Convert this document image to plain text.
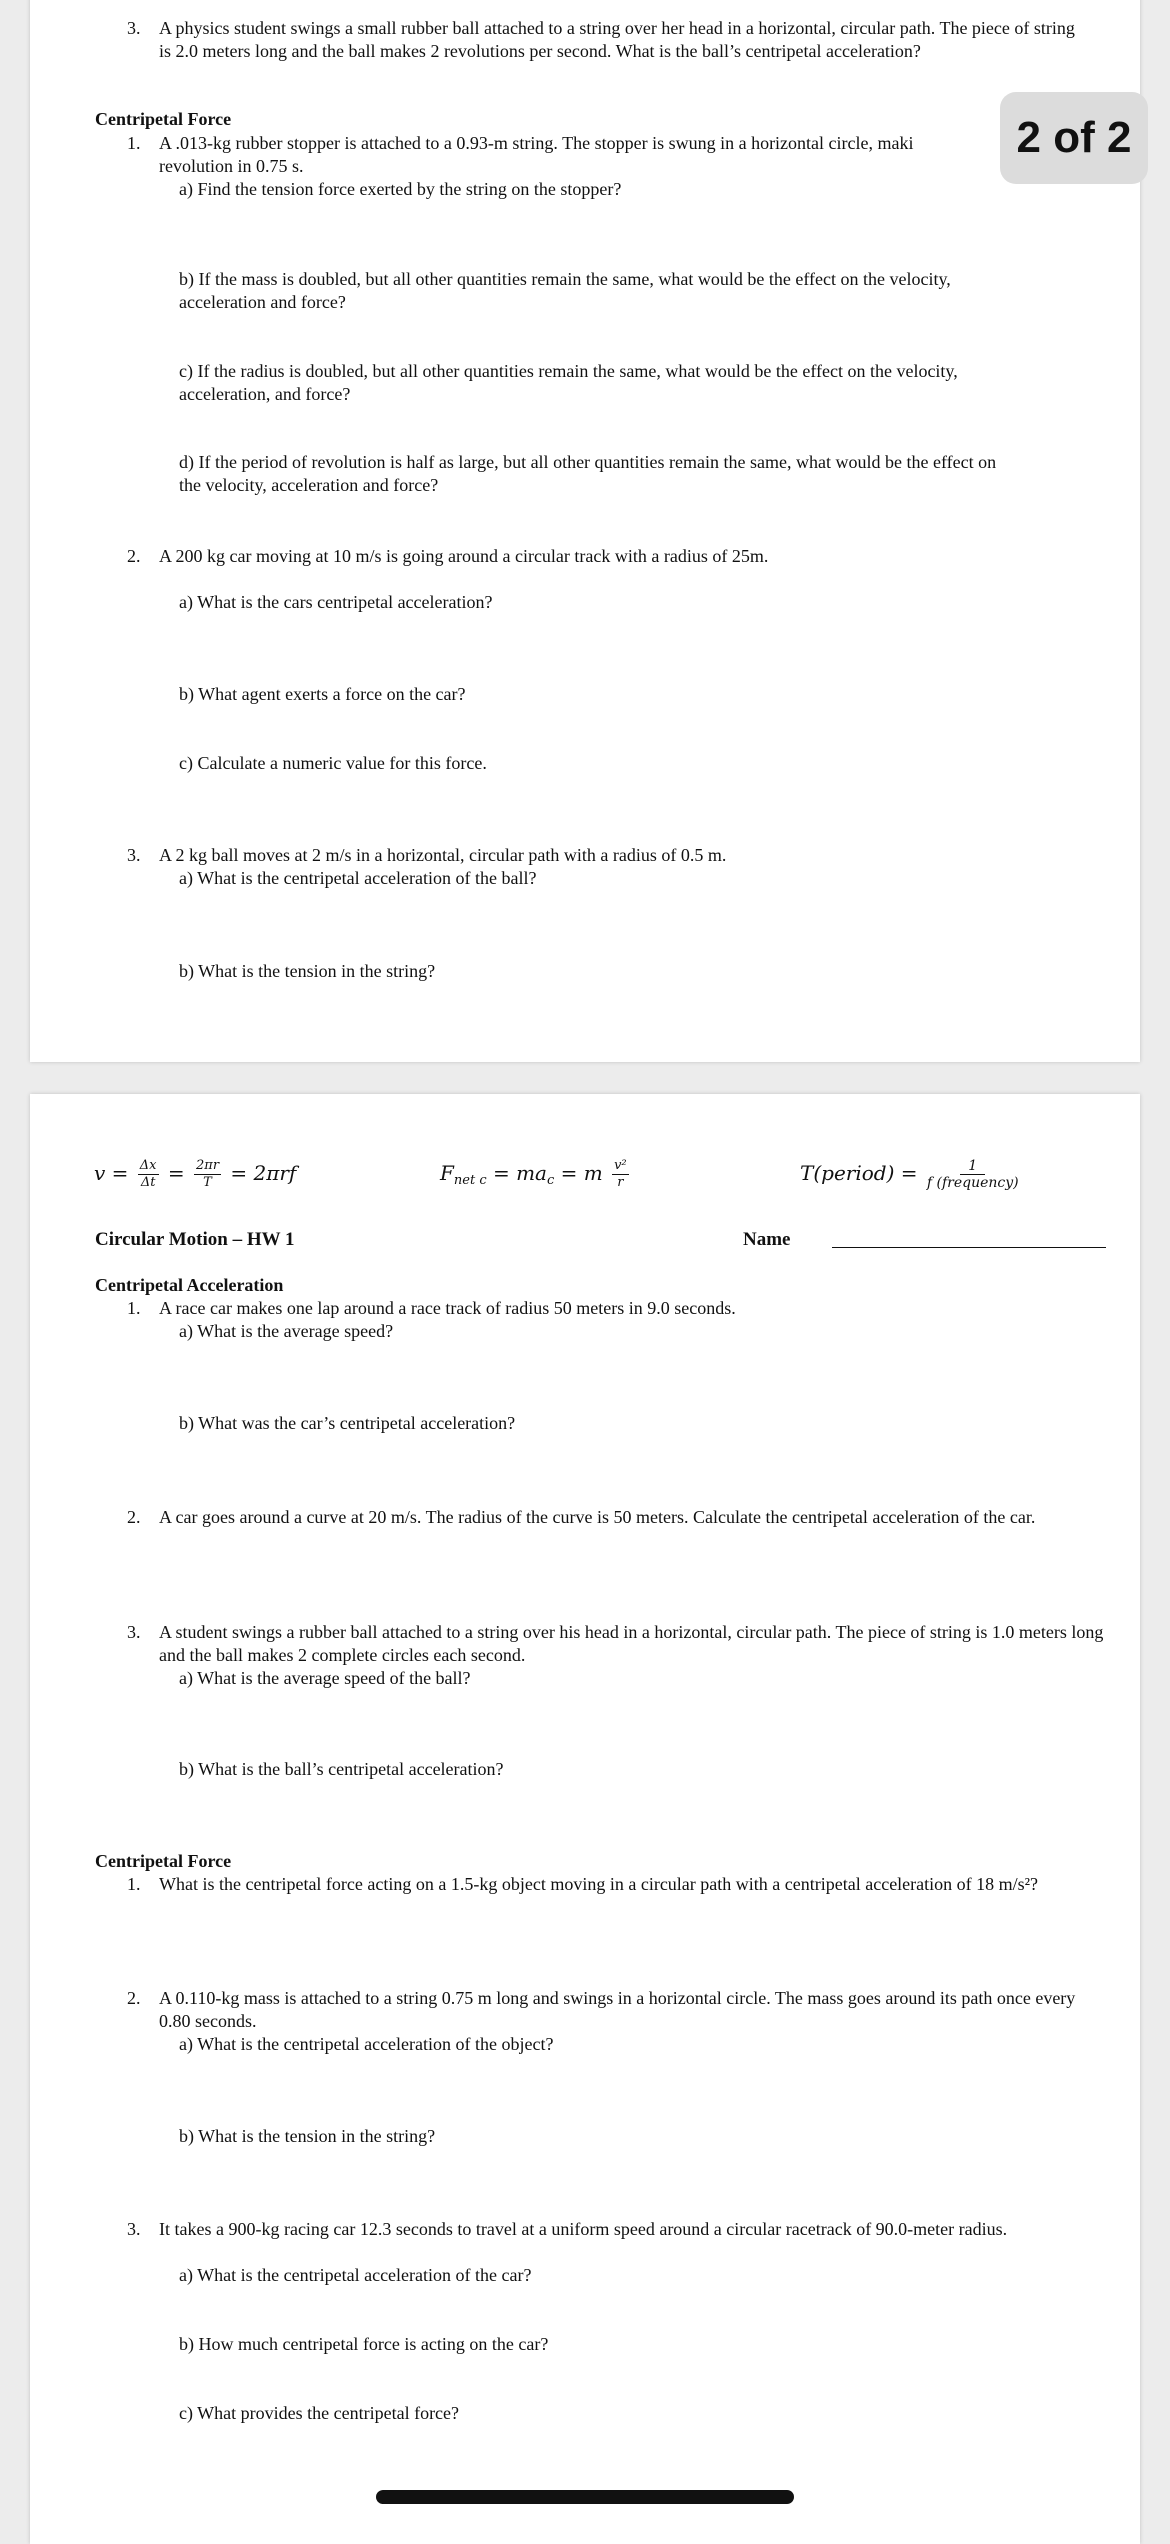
3. A physics student swings a small rubber ball attached to a string over her head in a horizontal, circular path. The piece of string is 2.0 meters long and the ball makes 2 revolutions per second. What is the ball’s centripetal acceleration?
Centripetal Force
1. A .013-kg rubber stopper is attached to a 0.93-m string. The stopper is swung in a horizontal circle, maki
revolution in 0.75 s.
a) Find the tension force exerted by the string on the stopper?
b) If the mass is doubled, but all other quantities remain the same, what would be the effect on the velocity, acceleration and force?
c) If the radius is doubled, but all other quantities remain the same, what would be the effect on the velocity, acceleration, and force?
d) If the period of revolution is half as large, but all other quantities remain the same, what would be the effect on the velocity, acceleration and force?
2. A 200 kg car moving at 10 m/s is going around a circular track with a radius of 25m.
a) What is the cars centripetal acceleration?
b) What agent exerts a force on the car?
c) Calculate a numeric value for this force.
3. A 2 kg ball moves at 2 m/s in a horizontal, circular path with a radius of 0.5 m.
a) What is the centripetal acceleration of the ball?
b) What is the tension in the string?
2 of 2
$v = \frac{\Delta x}{\Delta t} = \frac{2\pi r}{T} = 2\pi rf$	$F_{net c} = ma_c = m \frac{\text{v²}}{r}$	T(period) = $\frac{1}{\text{f (frequency)}}$
Circular Motion – HW 1	Name
Centripetal Acceleration
1. A race car makes one lap around a race track of radius 50 meters in 9.0 seconds.
a) What is the average speed?
b) What was the car’s centripetal acceleration?
2. A car goes around a curve at 20 m/s. The radius of the curve is 50 meters. Calculate the centripetal acceleration of the car.
3. A student swings a rubber ball attached to a string over his head in a horizontal, circular path. The piece of string is 1.0 meters long and the ball makes 2 complete circles each second.
a) What is the average speed of the ball?
b) What is the ball’s centripetal acceleration?
Centripetal Force
1. What is the centripetal force acting on a 1.5-kg object moving in a circular path with a centripetal acceleration of 18 m/s²?
2. A 0.110-kg mass is attached to a string 0.75 m long and swings in a horizontal circle. The mass goes around its path once every 0.80 seconds.
a) What is the centripetal acceleration of the object?
b) What is the tension in the string?
3. It takes a 900-kg racing car 12.3 seconds to travel at a uniform speed around a circular racetrack of 90.0-meter radius.
a) What is the centripetal acceleration of the car?
b) How much centripetal force is acting on the car?
c) What provides the centripetal force?
